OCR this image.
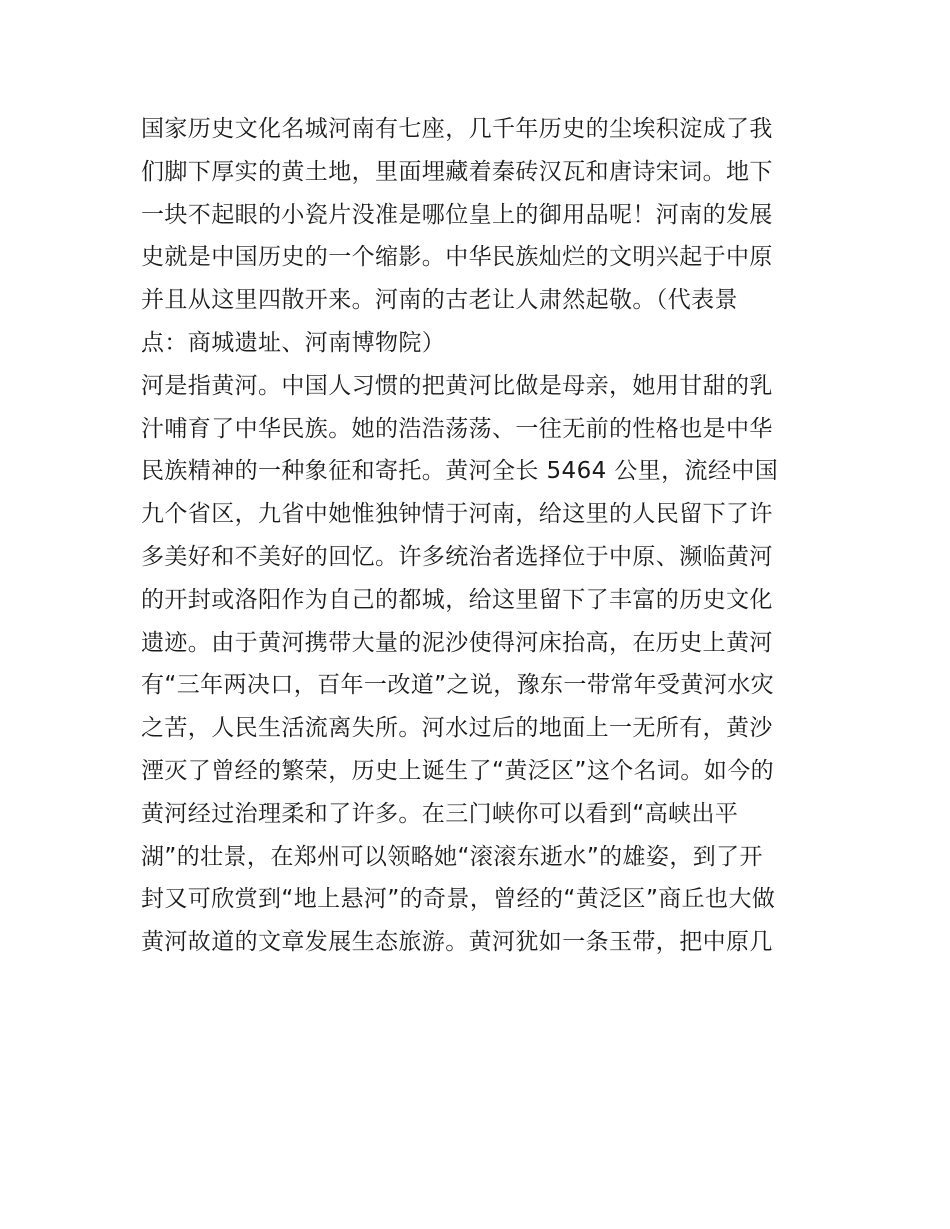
国家历史文化名城河南有七座，几千年历史的尘埃积淀成了我
们脚下厚实的黄土地，里面埋藏着秦砖汉瓦和唐诗宋词。地下
一块不起眼的小瓷片没准是哪位皇上的御用品呢！河南的发展
史就是中国历史的一个缩影。中华民族灿烂的文明兴起于中原
并且从这里四散开来。河南的古老让人肃然起敬。（代表景
点：商城遗址、河南博物院）
河是指黄河。中国人习惯的把黄河比做是母亲，她用甘甜的乳
汁哺育了中华民族。她的浩浩荡荡、一往无前的性格也是中华
民族精神的一种象征和寄托。黄河全长 5464 公里，流经中国
九个省区，九省中她惟独钟情于河南，给这里的人民留下了许
多美好和不美好的回忆。许多统治者选择位于中原、濒临黄河
的开封或洛阳作为自己的都城，给这里留下了丰富的历史文化
遗迹。由于黄河携带大量的泥沙使得河床抬高，在历史上黄河
有“三年两决口，百年一改道”之说，豫东一带常年受黄河水灾
之苦，人民生活流离失所。河水过后的地面上一无所有，黄沙
湮灭了曾经的繁荣，历史上诞生了“黄泛区”这个名词。如今的
黄河经过治理柔和了许多。在三门峡你可以看到“高峡出平
湖”的壮景，在郑州可以领略她“滚滚东逝水”的雄姿，到了开
封又可欣赏到“地上悬河”的奇景，曾经的“黄泛区”商丘也大做
黄河故道的文章发展生态旅游。黄河犹如一条玉带，把中原几
